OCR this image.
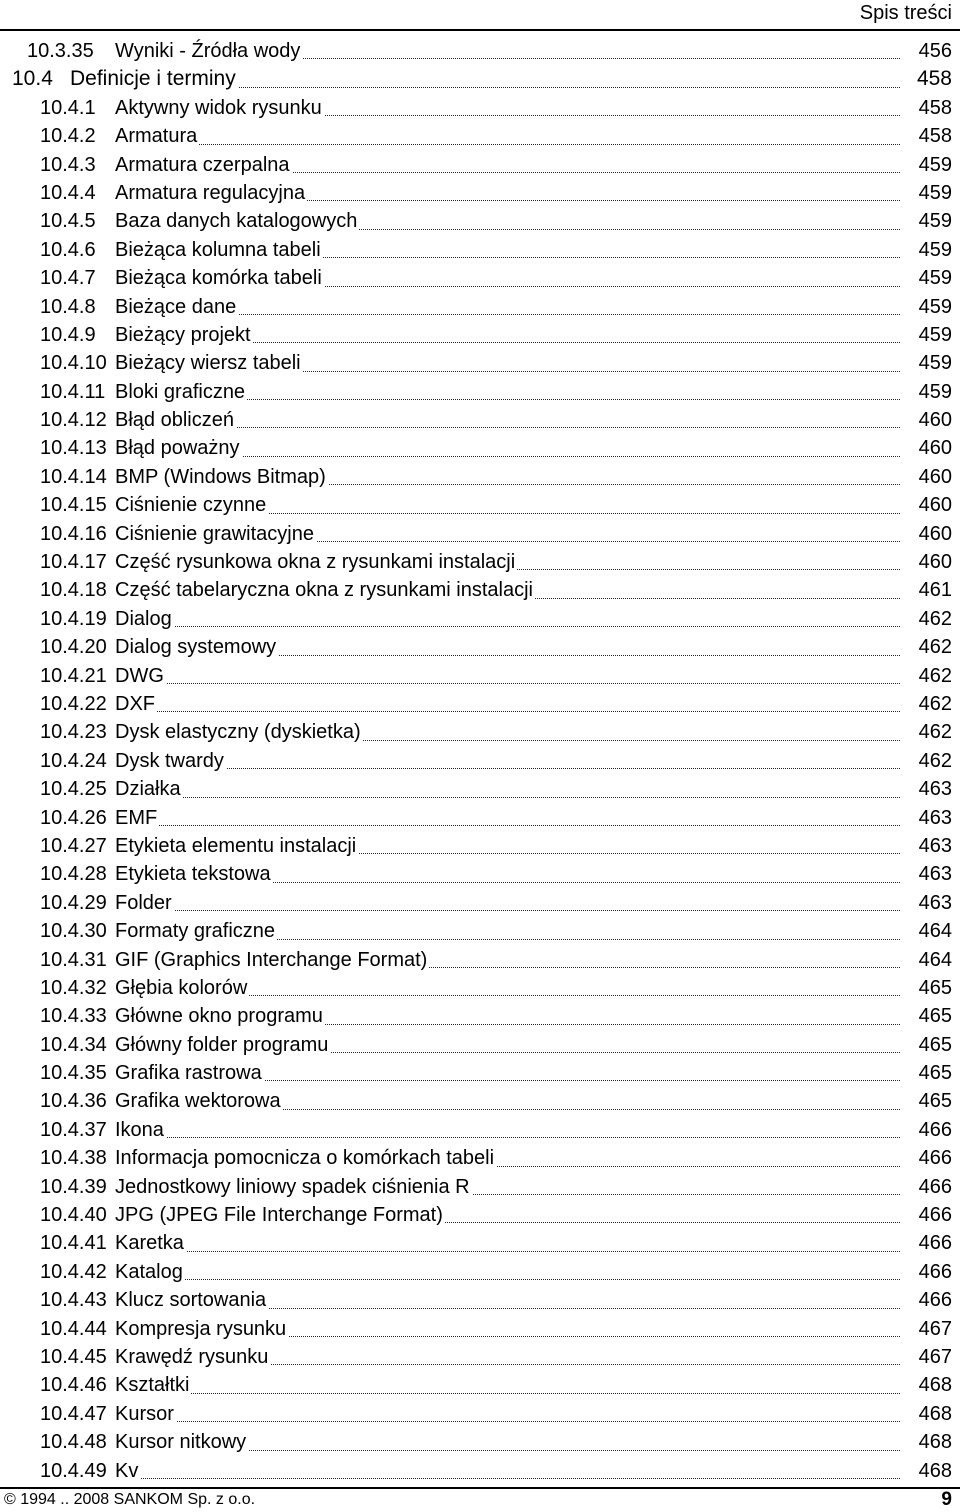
Spis treści
10.3.35 Wyniki - Źródła wody	456
10.4 Definicje i terminy	458
10.4.1 Aktywny widok rysunku	458
10.4.2 Armatura	458
10.4.3 Armatura czerpalna	459
10.4.4 Armatura regulacyjna	459
10.4.5 Baza danych katalogowych	459
10.4.6 Bieżąca kolumna tabeli	459
10.4.7 Bieżąca komórka tabeli	459
10.4.8 Bieżące dane	459
10.4.9 Bieżący projekt	459
10.4.10 Bieżący wiersz tabeli	459
10.4.11 Bloki graficzne	459
10.4.12 Błąd obliczeń	460
10.4.13 Błąd poważny	460
10.4.14 BMP (Windows Bitmap)	460
10.4.15 Ciśnienie czynne	460
10.4.16 Ciśnienie grawitacyjne	460
10.4.17 Część rysunkowa okna z rysunkami instalacji	460
10.4.18 Część tabelaryczna okna z rysunkami instalacji	461
10.4.19 Dialog	462
10.4.20 Dialog systemowy	462
10.4.21 DWG	462
10.4.22 DXF	462
10.4.23 Dysk elastyczny (dyskietka)	462
10.4.24 Dysk twardy	462
10.4.25 Działka	463
10.4.26 EMF	463
10.4.27 Etykieta elementu instalacji	463
10.4.28 Etykieta tekstowa	463
10.4.29 Folder	463
10.4.30 Formaty graficzne	464
10.4.31 GIF (Graphics Interchange Format)	464
10.4.32 Głębia kolorów	465
10.4.33 Główne okno programu	465
10.4.34 Główny folder programu	465
10.4.35 Grafika rastrowa	465
10.4.36 Grafika wektorowa	465
10.4.37 Ikona	466
10.4.38 Informacja pomocnicza o komórkach tabeli	466
10.4.39 Jednostkowy liniowy spadek ciśnienia R	466
10.4.40 JPG (JPEG File Interchange Format)	466
10.4.41 Karetka	466
10.4.42 Katalog	466
10.4.43 Klucz sortowania	466
10.4.44 Kompresja rysunku	467
10.4.45 Krawędź rysunku	467
10.4.46 Kształtki	468
10.4.47 Kursor	468
10.4.48 Kursor nitkowy	468
10.4.49 Kv	468
© 1994 .. 2008 SANKOM Sp. z o.o.	9
